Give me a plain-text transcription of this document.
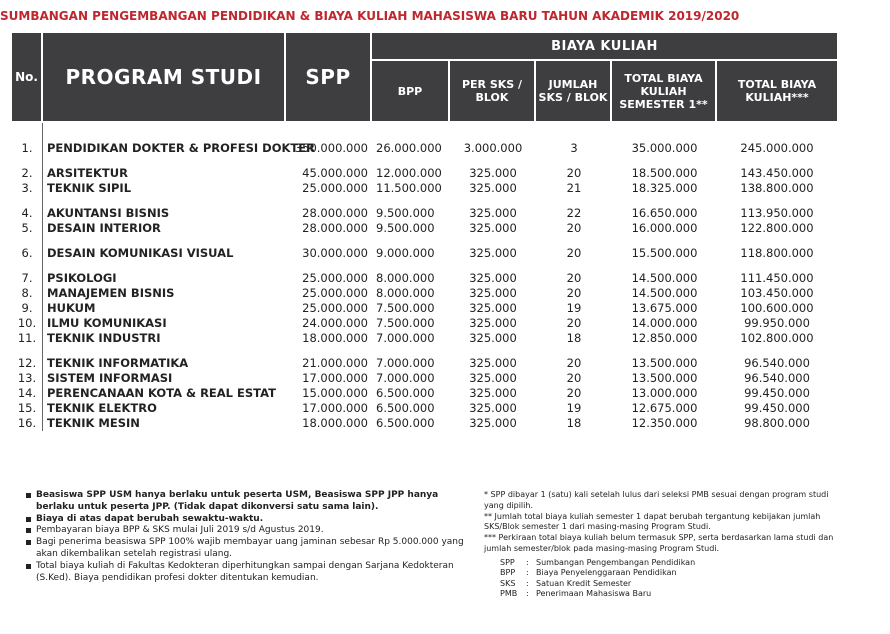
SUMBANGAN PENGEMBANGAN PENDIDIKAN & BIAYA KULIAH MAHASISWA BARU TAHUN AKADEMIK 2019/2020
No.	PROGRAM STUDI	SPP	BIAYA KULIAH				
			BPP	PER SKS / BLOK	JUMLAH SKS / BLOK	TOTAL BIAYA KULIAH SEMESTER 1**	TOTAL BIAYA KULIAH***

1.	PENDIDIKAN DOKTER & PROFESI DOKTER	350.000.000	26.000.000	3.000.000	3	35.000.000	245.000.000

2.	ARSITEKTUR	45.000.000	12.000.000	325.000	20	18.500.000	143.450.000
3.	TEKNIK SIPIL	25.000.000	11.500.000	325.000	21	18.325.000	138.800.000

4.	AKUNTANSI BISNIS	28.000.000	9.500.000	325.000	22	16.650.000	113.950.000
5.	DESAIN INTERIOR	28.000.000	9.500.000	325.000	20	16.000.000	122.800.000

6.	DESAIN KOMUNIKASI VISUAL	30.000.000	9.000.000	325.000	20	15.500.000	118.800.000

7.	PSIKOLOGI	25.000.000	8.000.000	325.000	20	14.500.000	111.450.000
8.	MANAJEMEN BISNIS	25.000.000	8.000.000	325.000	20	14.500.000	103.450.000
9.	HUKUM	25.000.000	7.500.000	325.000	19	13.675.000	100.600.000
10.	ILMU KOMUNIKASI	24.000.000	7.500.000	325.000	20	14.000.000	99.950.000
11.	TEKNIK INDUSTRI	18.000.000	7.000.000	325.000	18	12.850.000	102.800.000

12.	TEKNIK INFORMATIKA	21.000.000	7.000.000	325.000	20	13.500.000	96.540.000
13.	SISTEM INFORMASI	17.000.000	7.000.000	325.000	20	13.500.000	96.540.000
14.	PERENCANAAN KOTA & REAL ESTAT	15.000.000	6.500.000	325.000	20	13.000.000	99.450.000
15.	TEKNIK ELEKTRO	17.000.000	6.500.000	325.000	19	12.675.000	99.450.000
16.	TEKNIK MESIN	18.000.000	6.500.000	325.000	18	12.350.000	98.800.000
Beasiswa SPP USM hanya berlaku untuk peserta USM, Beasiswa SPP JPP hanya berlaku untuk peserta JPP. (Tidak dapat dikonversi satu sama lain).
Biaya di atas dapat berubah sewaktu-waktu.
Pembayaran biaya BPP & SKS mulai Juli 2019 s/d Agustus 2019.
Bagi penerima beasiswa SPP 100% wajib membayar uang jaminan sebesar Rp 5.000.000 yang akan dikembalikan setelah registrasi ulang.
Total biaya kuliah di Fakultas Kedokteran diperhitungkan sampai dengan Sarjana Kedokteran (S.Ked). Biaya pendidikan profesi dokter ditentukan kemudian.
* SPP dibayar 1 (satu) kali setelah lulus dari seleksi PMB sesuai dengan program studi yang dipilih.
** Jumlah total biaya kuliah semester 1 dapat berubah tergantung kebijakan jumlah SKS/Blok semester 1 dari masing-masing Program Studi.
*** Perkiraan total biaya kuliah belum termasuk SPP, serta berdasarkan lama studi dan jumlah semester/blok pada masing-masing Program Studi.
SPP : Sumbangan Pengembangan Pendidikan
BPP : Biaya Penyelenggaraan Pendidikan
SKS : Satuan Kredit Semester
PMB : Penerimaan Mahasiswa Baru
